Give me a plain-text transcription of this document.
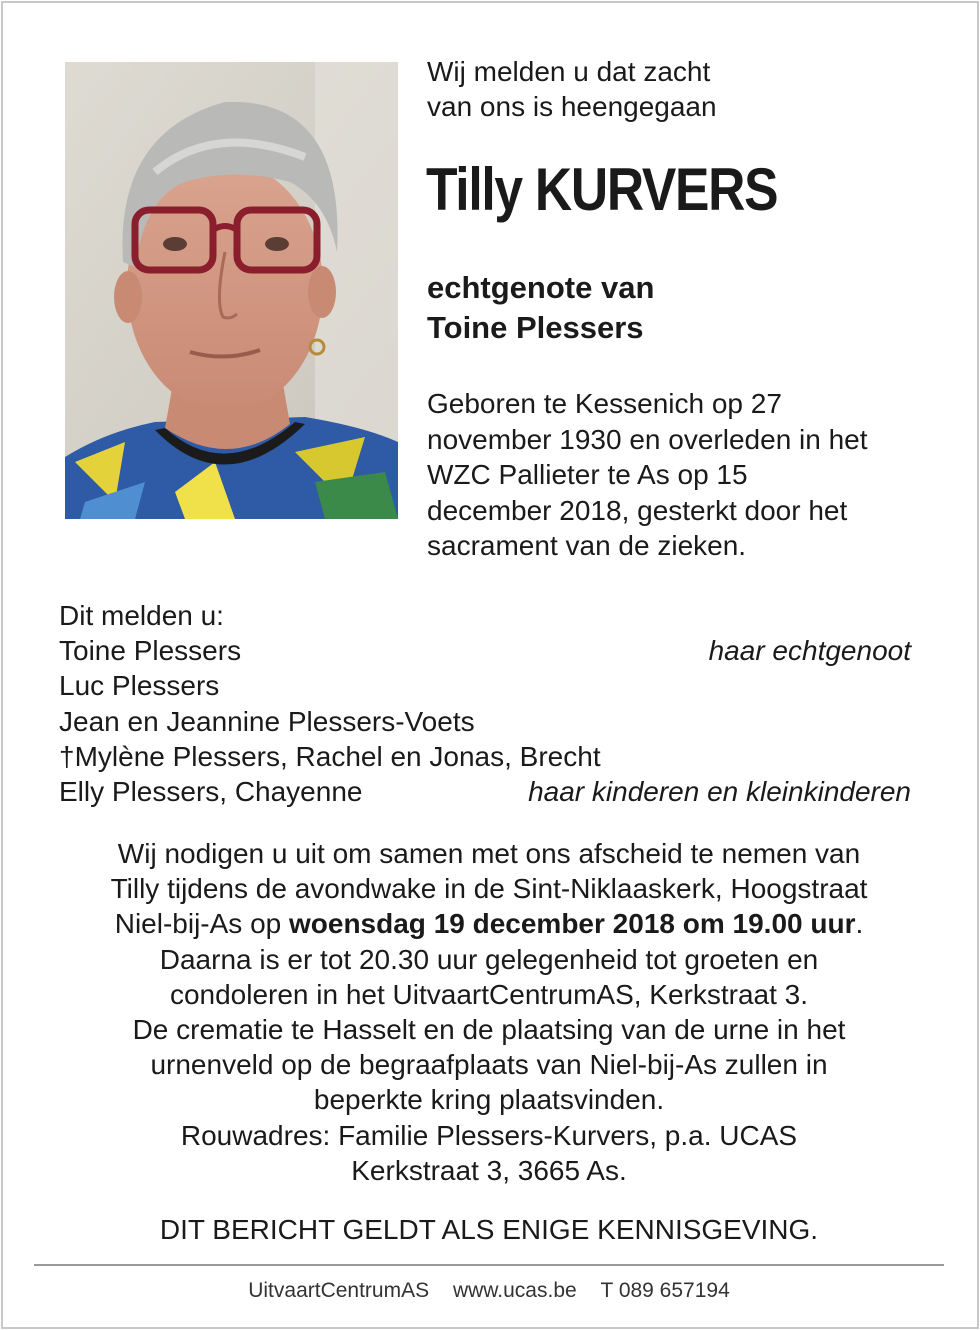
Wij melden u dat zacht
van ons is heengegaan
Tilly KURVERS
echtgenote van
Toine Plessers
Geboren te Kessenich op 27
november 1930 en overleden in het
WZC Pallieter te As op 15
december 2018, gesterkt door het
sacrament van de zieken.
Dit melden u:
Toine Plessers	haar echtgenoot
Luc Plessers
Jean en Jeannine Plessers-Voets
†Mylène Plessers, Rachel en Jonas, Brecht
Elly Plessers, Chayenne	haar kinderen en kleinkinderen
Wij nodigen u uit om samen met ons afscheid te nemen van
Tilly tijdens de avondwake in de Sint-Niklaaskerk, Hoogstraat
Niel-bij-As op woensdag 19 december 2018 om 19.00 uur.
Daarna is er tot 20.30 uur gelegenheid tot groeten en
condoleren in het UitvaartCentrumAS, Kerkstraat 3.
De crematie te Hasselt en de plaatsing van de urne in het
urnenveld op de begraafplaats van Niel-bij-As zullen in
beperkte kring plaatsvinden.
Rouwadres: Familie Plessers-Kurvers, p.a. UCAS
Kerkstraat 3, 3665 As.
DIT BERICHT GELDT ALS ENIGE KENNISGEVING.
UitvaartCentrumAS www.ucas.be T 089 657194
